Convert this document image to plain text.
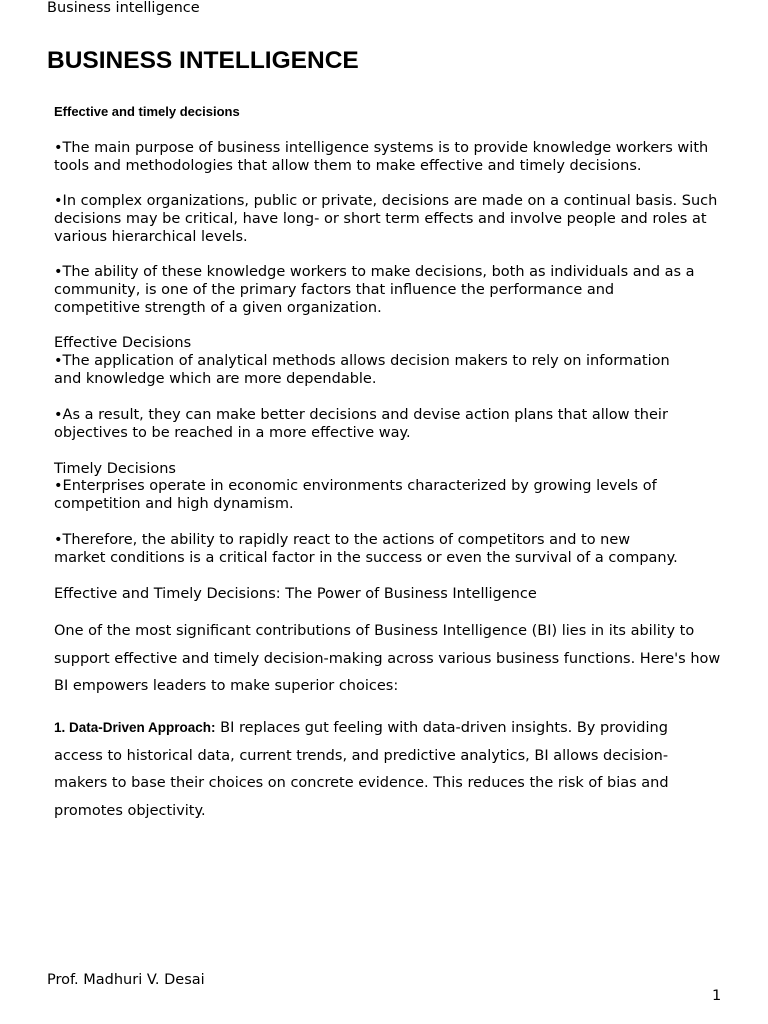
Business intelligence
BUSINESS INTELLIGENCE
Effective and timely decisions

•The main purpose of business intelligence systems is to provide knowledge workers with
tools and methodologies that allow them to make effective and timely decisions.

•In complex organizations, public or private, decisions are made on a continual basis. Such
decisions may be critical, have long- or short term effects and involve people and roles at
various hierarchical levels.

•The ability of these knowledge workers to make decisions, both as individuals and as a
community, is one of the primary factors that influence the performance and
competitive strength of a given organization.

Effective Decisions

•The application of analytical methods allows decision makers to rely on information
and knowledge which are more dependable.

•As a result, they can make better decisions and devise action plans that allow their
objectives to be reached in a more effective way.

Timely Decisions

•Enterprises operate in economic environments characterized by growing levels of
competition and high dynamism.

•Therefore, the ability to rapidly react to the actions of competitors and to new
market conditions is a critical factor in the success or even the survival of a company.

Effective and Timely Decisions: The Power of Business Intelligence

One of the most significant contributions of Business Intelligence (BI) lies in its ability to
support effective and timely decision-making across various business functions. Here's how
BI empowers leaders to make superior choices:

1. Data-Driven Approach: BI replaces gut feeling with data-driven insights. By providing
access to historical data, current trends, and predictive analytics, BI allows decision-
makers to base their choices on concrete evidence. This reduces the risk of bias and
promotes objectivity.

Prof. Madhuri V. Desai
1
